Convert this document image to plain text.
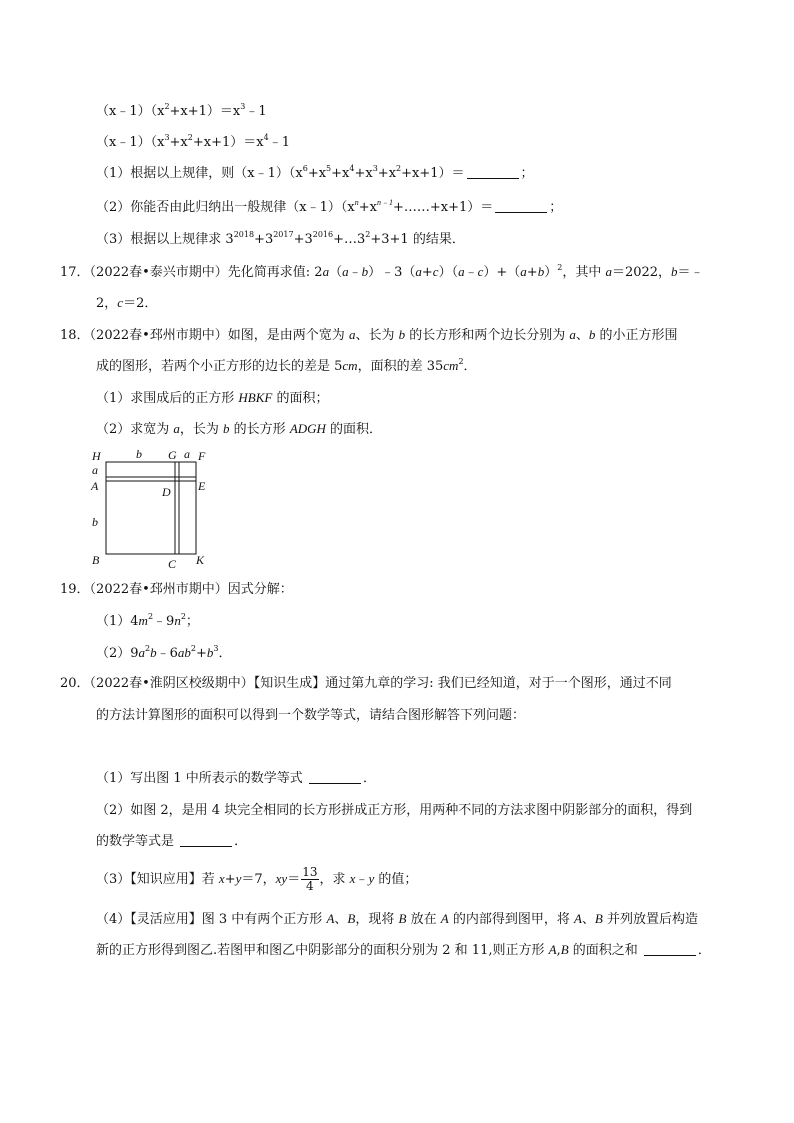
$(x﹣1)(x^2+x+1)=x^3﹣1$
$(x﹣1)(x^3+x^2+x+1)=x^4﹣1$
（1）根据以上规律，则$(x﹣1)(x^6+x^5+x^4+x^3+x^2+x+1)=$	；
（2）你能否由此归纳出一般规律$(x﹣1)(x^n+x^{n﹣1}+\dots\dots+x+1)=$	；
（3）根据以上规律求 $3^{2018}+3^{2017}+3^{2016}+\dots 3^2+3+1$ 的结果．
17．（2022春•泰兴市期中）先化简再求值: $2a(a﹣b)﹣3(a+c)(a﹣c)+(a+b)^2$，其中 a＝2022，b＝﹣
2，c＝2．
18．（2022春•邳州市期中）如图，是由两个宽为 a、长为 b 的长方形和两个边长分别为 a、b 的小正方形围
成的图形，若两个小正方形的边长的差是 5cm，面积的差 $35cm^2$．
（1）求围成后的正方形 HBKF 的面积；
（2）求宽为 a，长为 b 的长方形 ADGH 的面积．
H	G F
A	D E
B	C K
b	a
a
b
19．（2022春•邳州市期中）因式分解：
$(1)4m^2﹣9n^2$；
$(2)9a^2b﹣6ab^2+b^3$．
20．（2022春•淮阴区校级期中）【知识生成】通过第九章的学习: 我们已经知道，对于一个图形，通过不同
的方法计算图形的面积可以得到一个数学等式，请结合图形解答下列问题：
（1）写出图 1 中所表示的数学等式	．
（2）如图 2，是用 4 块完全相同的长方形拼成正方形，用两种不同的方法求图中阴影部分的面积，得到
的数学等式是	．
（3）【知识应用】若 x+y＝7，$xy= \frac{13}{4}$ ，求 x﹣y 的值；
（4）【灵活应用】图 3 中有两个正方形 A、B，现将 B 放在 A 的内部得到图甲，将 A、B 并列放置后构造
新的正方形得到图乙.若图甲和图乙中阴影部分的面积分别为 2 和 11,则正方形 A,B 的面积之和	．
